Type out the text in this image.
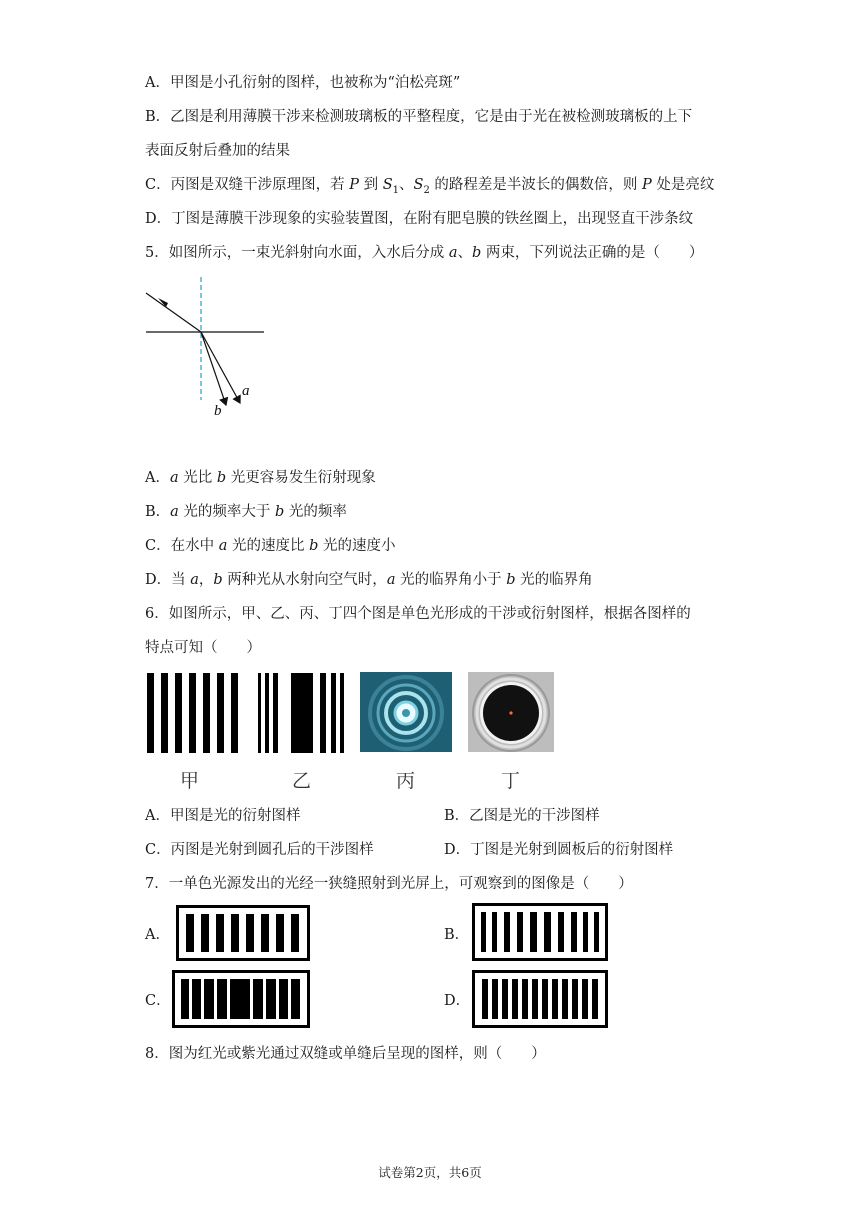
A．甲图是小孔衍射的图样，也被称为“泊松亮斑”
B．乙图是利用薄膜干涉来检测玻璃板的平整程度，它是由于光在被检测玻璃板的上下
表面反射后叠加的结果
C．丙图是双缝干涉原理图，若 P 到 $S_1$、$S_2$ 的路程差是半波长的偶数倍，则 P 处是亮纹
D．丁图是薄膜干涉现象的实验装置图，在附有肥皂膜的铁丝圈上，出现竖直干涉条纹
5．如图所示，一束光斜射向水面，入水后分成 a、b 两束，下列说法正确的是（　　）
a
b
A．a 光比 b 光更容易发生衍射现象
B．a 光的频率大于 b 光的频率
C．在水中 a 光的速度比 b 光的速度小
D．当 a，b 两种光从水射向空气时，a 光的临界角小于 b 光的临界角
6．如图所示，甲、乙、丙、丁四个图是单色光形成的干涉或衍射图样，根据各图样的
特点可知（　　）
甲	乙	丙	丁
A．甲图是光的衍射图样	B．乙图是光的干涉图样
C．丙图是光射到圆孔后的干涉图样	D．丁图是光射到圆板后的衍射图样
7．一单色光源发出的光经一狭缝照射到光屏上，可观察到的图像是（　　）
A．	B．
C．	D．
8．图为红光或紫光通过双缝或单缝后呈现的图样，则（　　）
试卷第2页，共6页
